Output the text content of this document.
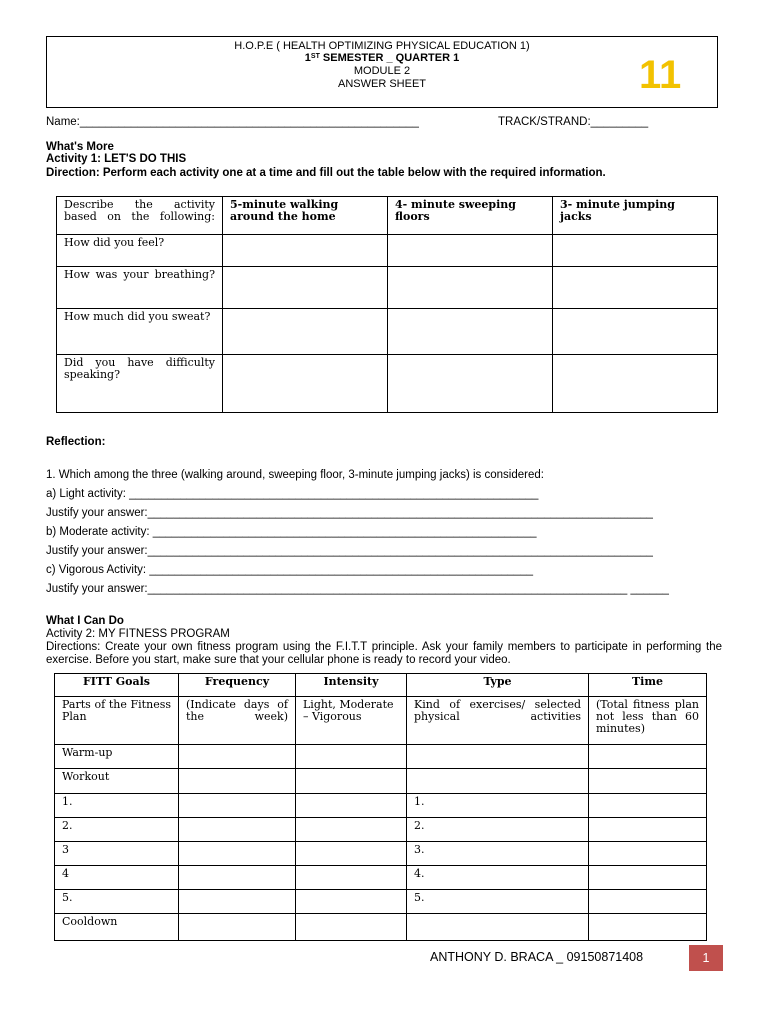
H.O.P.E ( HEALTH OPTIMIZING PHYSICAL EDUCATION 1)
1ST SEMESTER _ QUARTER 1
MODULE 2
ANSWER SHEET	11
Name:_____________________________________________________	TRACK/STRAND:_________
What's More
Activity 1: LET'S DO THIS
Direction: Perform each activity one at a time and fill out the table below with the required information.
Describe the activity based on the following:	5-minute walking around the home	4- minute sweeping floors	3- minute jumping jacks
How did you feel?			
How was your breathing?			
How much did you sweat?			
Did you have difficulty speaking?			
Reflection:
1. Which among the three (walking around, sweeping floor, 3-minute jumping jacks) is considered:
a) Light activity: ________________________________________________________________
Justify your answer:_______________________________________________________________________________
b) Moderate activity: ____________________________________________________________
Justify your answer:_______________________________________________________________________________
c) Vigorous Activity: ____________________________________________________________
Justify your answer:___________________________________________________________________________ ______
What I Can Do
Activity 2: MY FITNESS PROGRAM
Directions: Create your own fitness program using the F.I.T.T principle. Ask your family members to participate in performing the exercise. Before you start, make sure that your cellular phone is ready to record your video.
FITT Goals	Frequency	Intensity	Type	Time
Parts of the Fitness Plan	(Indicate days of the week)	Light, Moderate – Vigorous	Kind of exercises/ selected physical activities	(Total fitness plan not less than 60 minutes)
Warm-up				
Workout				
1.			1.	
2.			2.	
3			3.	
4			4.	
5.			5.	
Cooldown				
ANTHONY D. BRACA _ 09150871408	1
